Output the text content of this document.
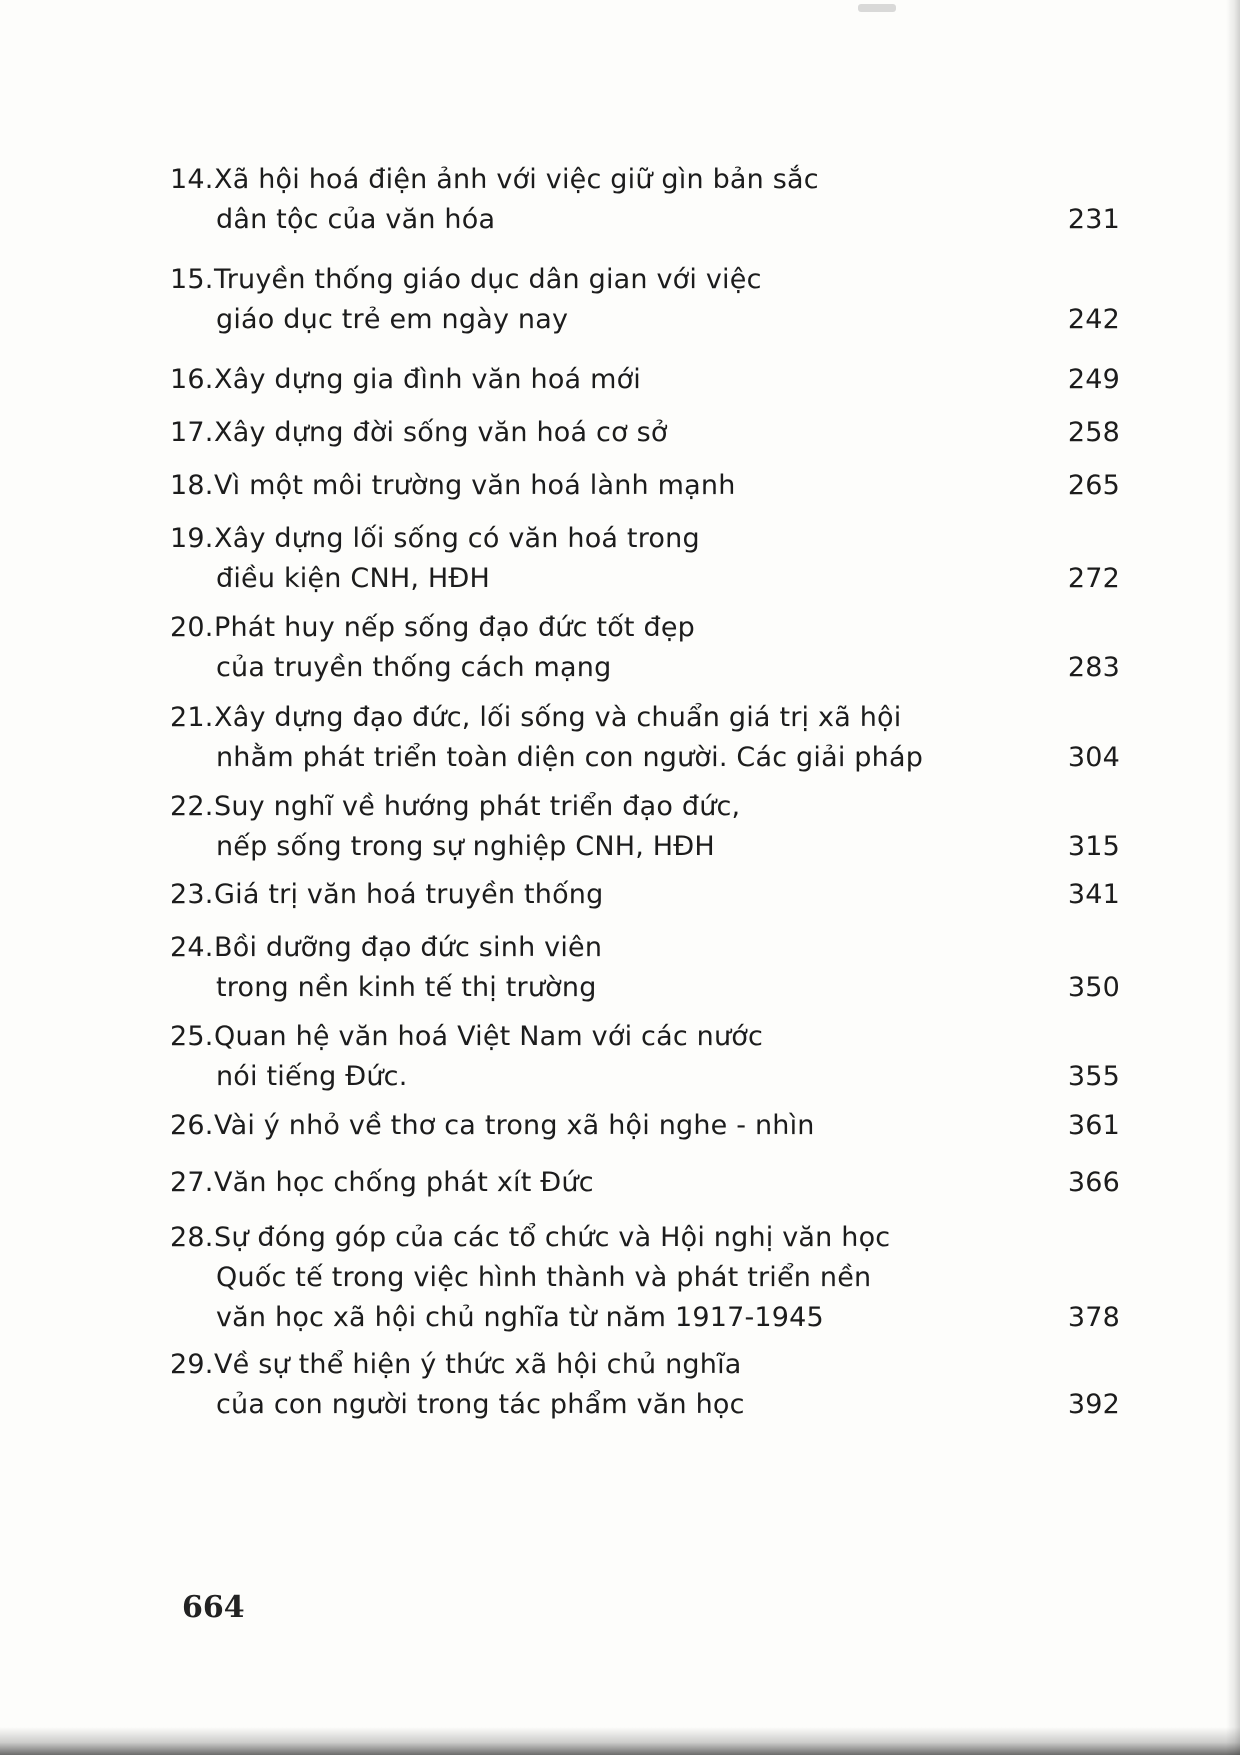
14.Xã hội hoá điện ảnh với việc giữ gìn bản sắc
dân tộc của văn hóa	231
15.Truyền thống giáo dục dân gian với việc
giáo dục trẻ em ngày nay	242
16.Xây dựng gia đình văn hoá mới	249
17.Xây dựng đời sống văn hoá cơ sở	258
18.Vì một môi trường văn hoá lành mạnh	265
19.Xây dựng lối sống có văn hoá trong
điều kiện CNH, HĐH	272
20.Phát huy nếp sống đạo đức tốt đẹp
của truyền thống cách mạng	283
21.Xây dựng đạo đức, lối sống và chuẩn giá trị xã hội
nhằm phát triển toàn diện con người. Các giải pháp	304
22.Suy nghĩ về hướng phát triển đạo đức,
nếp sống trong sự nghiệp CNH, HĐH	315
23.Giá trị văn hoá truyền thống	341
24.Bồi dưỡng đạo đức sinh viên
trong nền kinh tế thị trường	350
25.Quan hệ văn hoá Việt Nam với các nước
nói tiếng Đức.	355
26.Vài ý nhỏ về thơ ca trong xã hội nghe - nhìn	361
27.Văn học chống phát xít Đức	366
28.Sự đóng góp của các tổ chức và Hội nghị văn học
Quốc tế trong việc hình thành và phát triển nền
văn học xã hội chủ nghĩa từ năm 1917-1945	378
29.Về sự thể hiện ý thức xã hội chủ nghĩa
của con người trong tác phẩm văn học	392
664
